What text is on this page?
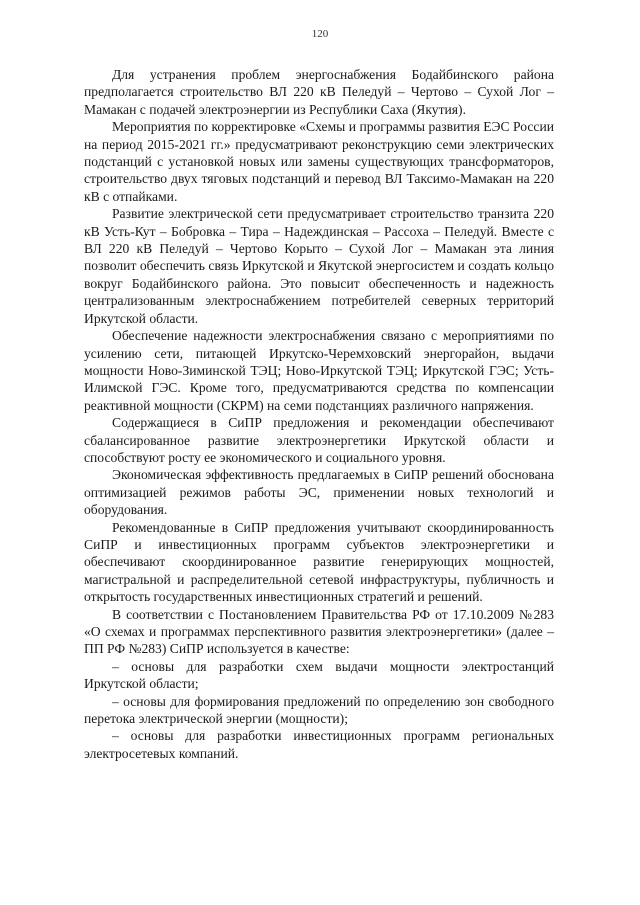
120

Для устранения проблем энергоснабжения Бодайбинского района предполагается строительство ВЛ 220 кВ Пеледуй – Чертово – Сухой Лог – Мамакан с подачей электроэнергии из Республики Саха (Якутия).

Мероприятия по корректировке «Схемы и программы развития ЕЭС России на период 2015-2021 гг.» предусматривают реконструкцию семи электрических подстанций с установкой новых или замены существующих трансформаторов, строительство двух тяговых подстанций и перевод ВЛ Таксимо-Мамакан на 220 кВ с отпайками.

Развитие электрической сети предусматривает строительство транзита 220 кВ Усть-Кут – Бобровка – Тира – Надеждинская – Рассоха – Пеледуй. Вместе с ВЛ 220 кВ Пеледуй – Чертово Корыто – Сухой Лог – Мамакан эта линия позволит обеспечить связь Иркутской и Якутской энергосистем и создать кольцо вокруг Бодайбинского района. Это повысит обеспеченность и надежность централизованным электроснабжением потребителей северных территорий Иркутской области.

Обеспечение надежности электроснабжения связано с мероприятиями по усилению сети, питающей Иркутско-Черемховский энергорайон, выдачи мощности Ново-Зиминской ТЭЦ; Ново-Иркутской ТЭЦ; Иркутской ГЭС; Усть-Илимской ГЭС. Кроме того, предусматриваются средства по компенсации реактивной мощности (СКРМ) на семи подстанциях различного напряжения.

Содержащиеся в СиПР предложения и рекомендации обеспечивают сбалансированное развитие электроэнергетики Иркутской области и способствуют росту ее экономического и социального уровня.

Экономическая эффективность предлагаемых в СиПР решений обоснована оптимизацией режимов работы ЭС, применении новых технологий и оборудования.

Рекомендованные в СиПР предложения учитывают скоординированность СиПР и инвестиционных программ субъектов электроэнергетики и обеспечивают скоординированное развитие генерирующих мощностей, магистральной и распределительной сетевой инфраструктуры, публичность и открытость государственных инвестиционных стратегий и решений.

В соответствии с Постановлением Правительства РФ от 17.10.2009 №283 «О схемах и программах перспективного развития электроэнергетики» (далее – ПП РФ №283) СиПР используется в качестве:

– основы для разработки схем выдачи мощности электростанций Иркутской области;

– основы для формирования предложений по определению зон свободного перетока электрической энергии (мощности);

– основы для разработки инвестиционных программ региональных электросетевых компаний.
